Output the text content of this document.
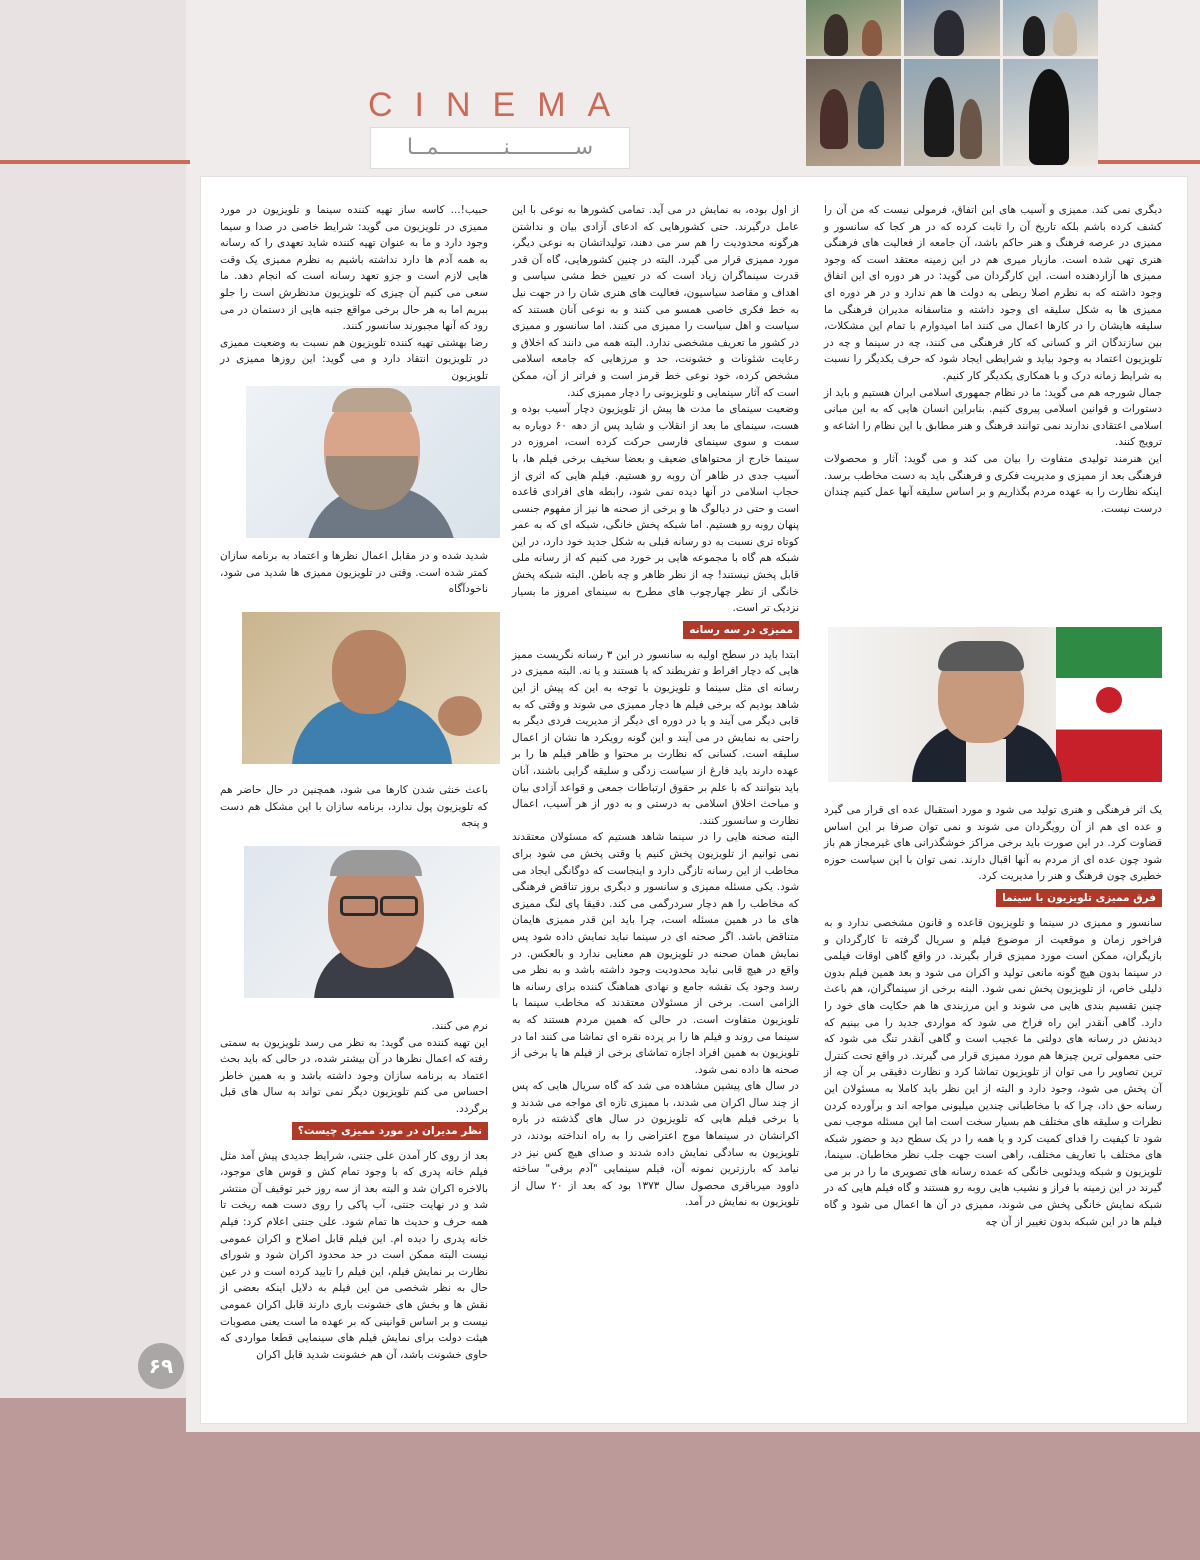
CINEMA
ســــــــــنــــــــــمــا

دیگری نمی کند. ممیزی و آسیب های این اتفاق، فرمولی نیست که من آن را کشف کرده باشم بلکه تاریخ آن را ثابت کرده که در هر کجا که سانسور و ممیزی در عرصه فرهنگ و هنر حاکم باشد، آن جامعه از فعالیت های فرهنگی هنری تهی شده است. مازیار میری هم در این زمینه معتقد است که وجود ممیزی ها آزاردهنده است. این کارگردان می گوید: در هر دوره ای این اتفاق وجود داشته که به نظرم اصلا ربطی به دولت ها هم ندارد و در هر دوره ای ممیزی ها به شکل سلیقه ای وجود داشته و متاسفانه مدیران فرهنگی ما سلیقه هایشان را در کارها اعمال می کنند اما امیدوارم با تمام این مشکلات، بین سازندگان اثر و کسانی که کار فرهنگی می کنند، چه در سینما و چه در تلویزیون اعتماد به وجود بیاید و شرایطی ایجاد شود که حرف یکدیگر را نسبت به شرایط زمانه درک و با همکاری یکدیگر کار کنیم.

جمال شورجه هم می گوید: ما در نظام جمهوری اسلامی ایران هستیم و باید از دستورات و قوانین اسلامی پیروی کنیم. بنابراین انسان هایی که به این مبانی اسلامی اعتقادی ندارند نمی توانند فرهنگ و هنر مطابق با این نظام را اشاعه و ترویج کنند.

این هنرمند تولیدی متفاوت را بیان می کند و می گوید: آثار و محصولات فرهنگی بعد از ممیزی و مدیریت فکری و فرهنگی باید به دست مخاطب برسد. اینکه نظارت را به عهده مردم بگذاریم و بر اساس سلیقه آنها عمل کنیم چندان درست نیست.

یک اثر فرهنگی و هنری تولید می شود و مورد استقبال عده ای قرار می گیرد و عده ای هم از آن رویگردان می شوند و نمی توان صرفا بر این اساس قضاوت کرد. در این صورت باید برخی مراکز خوشگذرانی های غیرمجاز هم باز شود چون عده ای از مردم به آنها اقبال دارند. نمی توان با این سیاست حوزه خطیری چون فرهنگ و هنر را مدیریت کرد.

فرق ممیزی تلویزیون با سینما

سانسور و ممیزی در سینما و تلویزیون قاعده و قانون مشخصی ندارد و به فراخور زمان و موقعیت از موضوع فیلم و سریال گرفته تا کارگردان و بازیگران، ممکن است مورد ممیزی قرار بگیرند. در واقع گاهی اوقات فیلمی در سینما بدون هیچ گونه مانعی تولید و اکران می شود و بعد همین فیلم بدون دلیلی خاص، از تلویزیون پخش نمی شود. البته برخی از سینماگران، هم باعث چنین تقسیم بندی هایی می شوند و این مرزبندی ها هم حکایت های خود را دارد. گاهی آنقدر این راه فراخ می شود که مواردی جدید را می بینیم که دیدنش در رسانه های دولتی ما عجیب است و گاهی آنقدر تنگ می شود که حتی معمولی ترین چیزها هم مورد ممیزی قرار می گیرند. در واقع تحت کنترل ترین تصاویر را می توان از تلویزیون تماشا کرد و نظارت دقیقی بر آن چه از آن پخش می شود، وجود دارد و البته از این نظر باید کاملا به مسئولان این رسانه حق داد، چرا که با مخاطبانی چندین میلیونی مواجه اند و برآورده کردن نظرات و سلیقه های مختلف هم بسیار سخت است اما این مسئله موجب نمی شود تا کیفیت را فدای کمیت کرد و یا همه را در یک سطح دید و حضور شبکه های مختلف با تعاریف مختلف، راهی است جهت جلب نظر مخاطبان. سینما، تلویزیون و شبکه ویدئویی خانگی که عمده رسانه های تصویری ما را در بر می گیرند در این زمینه با فراز و نشیب هایی روبه رو هستند و گاه فیلم هایی که در شبکه نمایش خانگی پخش می شوند، ممیزی در آن ها اعمال می شود و گاه فیلم ها در این شبکه بدون تغییر از آن چه

از اول بوده، به نمایش در می آید. تمامی کشورها به نوعی با این عامل درگیرند. حتی کشورهایی که ادعای آزادی بیان و نداشتن هرگونه محدودیت را هم سر می دهند، تولیداتشان به نوعی دیگر، مورد ممیزی قرار می گیرد. البته در چنین کشورهایی، گاه آن قدر قدرت سینماگران زیاد است که در تعیین خط مشی سیاسی و اهداف و مقاصد سیاسیون، فعالیت های هنری شان را در جهت نیل به خط فکری خاصی همسو می کنند و به نوعی آنان هستند که سیاست و اهل سیاست را ممیزی می کنند. اما سانسور و ممیزی در کشور ما تعریف مشخصی ندارد. البته همه می دانند که اخلاق و رعایت شئونات و خشونت، حد و مرزهایی که جامعه اسلامی مشخص کرده، خود نوعی خط قرمز است و فراتر از آن، ممکن است که آثار سینمایی و تلویزیونی را دچار ممیزی کند.

وضعیت سینمای ما مدت ها پیش از تلویزیون دچار آسیب بوده و هست، سینمای ما بعد از انقلاب و شاید پس از دهه ۶۰ دوباره به سمت و سوی سینمای فارسی حرکت کرده است، امروزه در سینما خارج از محتواهای ضعیف و بعضا سخیف برخی فیلم ها، با آسیب جدی در ظاهر آن روبه رو هستیم. فیلم هایی که اثری از حجاب اسلامی در آنها دیده نمی شود، رابطه های افرادی قاعده است و حتی در دیالوگ ها و برخی از صحنه ها نیز از مفهوم جنسی پنهان روبه رو هستیم. اما شبکه پخش خانگی، شبکه ای که به عمر کوتاه تری نسبت به دو رسانه قبلی به شکل جدید خود دارد، در این شبکه هم گاه با مجموعه هایی بر خورد می کنیم که از رسانه ملی قابل پخش نیستند! چه از نظر ظاهر و چه باطن. البته شبکه پخش خانگی از نظر چهارچوب های مطرح به سینمای امروز ما بسیار نزدیک تر است.

ممیزی در سه رسانه

ابتدا باید در سطح اولیه به سانسور در این ۳ رسانه نگریست ممیز هایی که دچار افراط و تفریطند که یا هستند و یا نه. البته ممیزی در رسانه ای مثل سینما و تلویزیون با توجه به این که پیش از این شاهد بودیم که برخی فیلم ها دچار ممیزی می شوند و وقتی که به قابی دیگر می آیند و یا در دوره ای دیگر از مدیریت فردی دیگر به راحتی به نمایش در می آیند و این گونه رویکرد ها نشان از اعمال سلیقه است. کسانی که نظارت بر محتوا و ظاهر فیلم ها را بر عهده دارند باید فارغ از سیاست زدگی و سلیقه گرایی باشند، آنان باید بتوانند که با علم بر حقوق ارتباطات جمعی و قواعد آزادی بیان و مباحث اخلاق اسلامی به درستی و به دور از هر آسیب، اعمال نظارت و سانسور کنند.

البته صحنه هایی را در سینما شاهد هستیم که مسئولان معتقدند نمی توانیم از تلویزیون پخش کنیم یا وقتی پخش می شود برای مخاطب از این رسانه تازگی دارد و اینجاست که دوگانگی ایجاد می شود. یکی مسئله ممیزی و سانسور و دیگری بروز تناقض فرهنگی که مخاطب را هم دچار سردرگمی می کند. دقیقا پای لنگ ممیزی های ما در همین مسئله است، چرا باید این قدر ممیزی هایمان متناقض باشد. اگر صحنه ای در سینما نباید نمایش داده شود پس نمایش همان صحنه در تلویزیون هم معنایی ندارد و بالعکس. در واقع در هیچ قابی نباید محدودیت وجود داشته باشد و به نظر می رسد وجود یک نقشه جامع و نهادی هماهنگ کننده برای رسانه ها الزامی است. برخی از مسئولان معتقدند که مخاطب سینما با تلویزیون متفاوت است. در حالی که همین مردم هستند که به سینما می روند و فیلم ها را بر پرده نقره ای تماشا می کنند اما در تلویزیون به همین افراد اجازه تماشای برخی از فیلم ها یا برخی از صحنه ها داده نمی شود.

در سال های پیشین مشاهده می شد که گاه سریال هایی که پس از چند سال اکران می شدند، با ممیزی تازه ای مواجه می شدند و یا برخی فیلم هایی که تلویزیون در سال های گذشته در باره اکرانشان در سینماها موج اعتراضی را به راه انداخته بودند، در تلویزیون به سادگی نمایش داده شدند و صدای هیچ کس نیز در نیامد که بارزترین نمونه آن، فیلم سینمایی "آدم برفی" ساخته داوود میرباقری محصول سال ۱۳۷۳ بود که بعد از ۲۰ سال از تلویزیون به نمایش در آمد.

حبیب!... کاسه ساز تهیه کننده سینما و تلویزیون در مورد ممیزی در تلویزیون می گوید: شرایط خاصی در صدا و سیما وجود دارد و ما به عنوان تهیه کننده شاید تعهدی را که رسانه به همه آدم ها دارد نداشته باشیم به نظرم ممیزی یک وقت هایی لازم است و جزو تعهد رسانه است که انجام دهد. ما سعی می کنیم آن چیزی که تلویزیون مدنظرش است را جلو ببریم اما به هر حال برخی مواقع جنبه هایی از دستمان در می رود که آنها مجبورند سانسور کنند.

رضا بهشتی تهیه کننده تلویزیون هم نسبت به وضعیت ممیزی در تلویزیون انتقاد دارد و می گوید: این روزها ممیزی در تلویزیون

شدید شده و در مقابل اعمال نظرها و اعتماد به برنامه سازان کمتر شده است. وقتی در تلویزیون ممیزی ها شدید می شود، ناخودآگاه

باعث خنثی شدن کارها می شود، همچنین در حال حاضر هم که تلویزیون پول ندارد، برنامه سازان با این مشکل هم دست و پنجه

نرم می کنند.

این تهیه کننده می گوید: به نظر می رسد تلویزیون به سمتی رفته که اعمال نظرها در آن بیشتر شده، در حالی که باید بحث اعتماد به برنامه سازان وجود داشته باشد و به همین خاطر احساس می کنم تلویزیون دیگر نمی تواند به سال های قبل برگردد.

نظر مدیران در مورد ممیزی چیست؟

بعد از روی کار آمدن علی جنتی، شرایط جدیدی پیش آمد مثل فیلم خانه پدری که با وجود تمام کش و قوس های موجود، بالاخره اکران شد و البته بعد از سه روز خبر توقیف آن منتشر شد و در نهایت جنتی، آب پاکی را روی دست همه ریخت تا همه حرف و حدیث ها تمام شود. علی جنتی اعلام کرد: فیلم خانه پدری را دیده ام. این فیلم قابل اصلاح و اکران عمومی نیست البته ممکن است در حد محدود اکران شود و شورای نظارت بر نمایش فیلم، این فیلم را تایید کرده است و در عین حال به نظر شخصی من این فیلم به دلایل اینکه بعضی از نقش ها و بخش های خشونت باری دارند قابل اکران عمومی نیست و بر اساس قوانینی که بر عهده ما است یعنی مصوبات هیئت دولت برای نمایش فیلم های سینمایی قطعا مواردی که حاوی خشونت باشد، آن هم خشونت شدید قابل اکران

۶۹
